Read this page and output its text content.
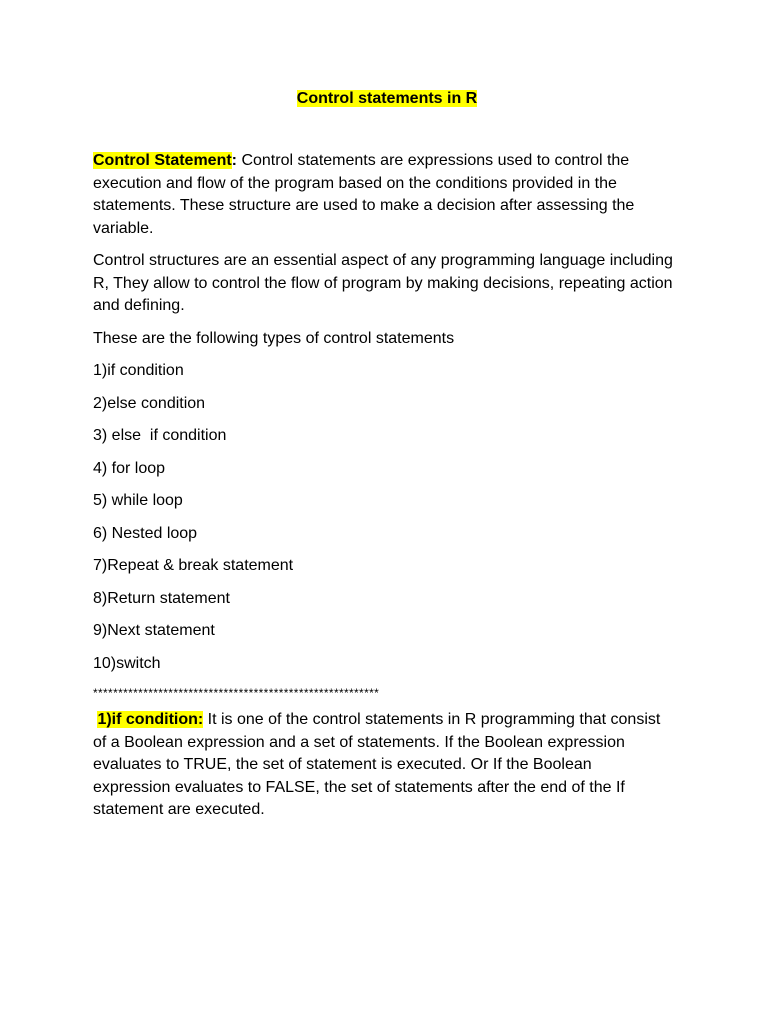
Control statements in R

Control Statement: Control statements are expressions used to control the execution and flow of the program based on the conditions provided in the statements. These structure are used to make a decision after assessing the variable.

Control structures are an essential aspect of any programming language including R, They allow to control the flow of program by making decisions, repeating action and defining.

These are the following types of control statements

1)if condition

2)else condition

3) else  if condition

4) for loop

5) while loop

6) Nested loop

7)Repeat & break statement

8)Return statement

9)Next statement

10)switch

*********************************************************

1)if condition: It is one of the control statements in R programming that consist of a Boolean expression and a set of statements. If the Boolean expression evaluates to TRUE, the set of statement is executed. Or If the Boolean expression evaluates to FALSE, the set of statements after the end of the If statement are executed.
